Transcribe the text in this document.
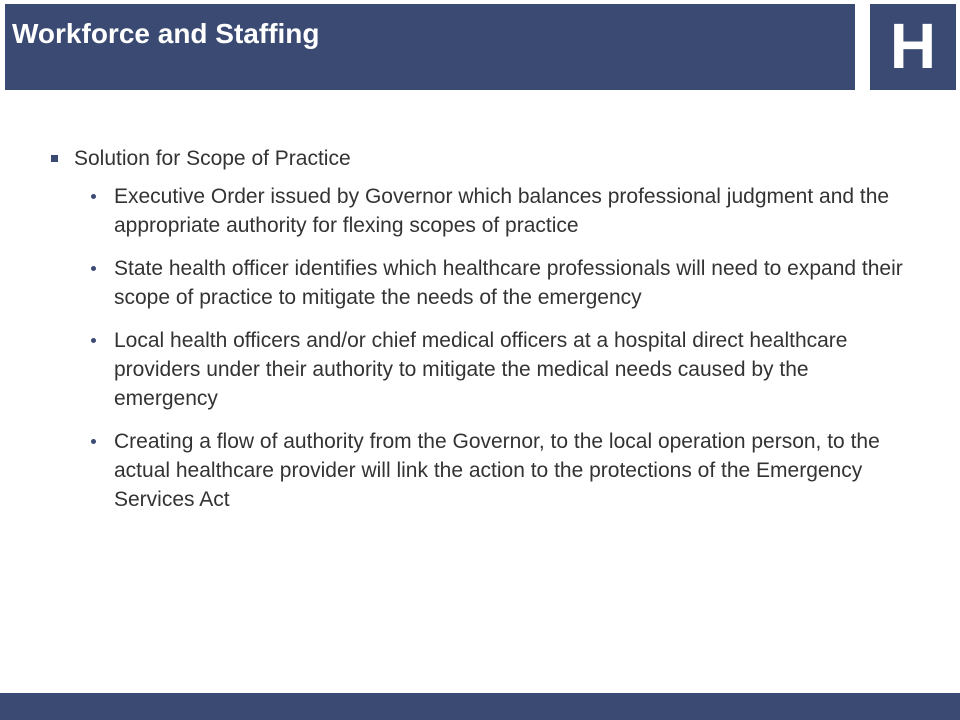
Workforce and Staffing	H
Solution for Scope of Practice
Executive Order issued by Governor which balances professional judgment and the appropriate authority for flexing scopes of practice
State health officer identifies which healthcare professionals will need to expand their scope of practice to mitigate the needs of the emergency
Local health officers and/or chief medical officers at a hospital direct healthcare providers under their authority to mitigate the medical needs caused by the emergency
Creating a flow of authority from the Governor, to the local operation person, to the actual healthcare provider will link the action to the protections of the Emergency Services Act
